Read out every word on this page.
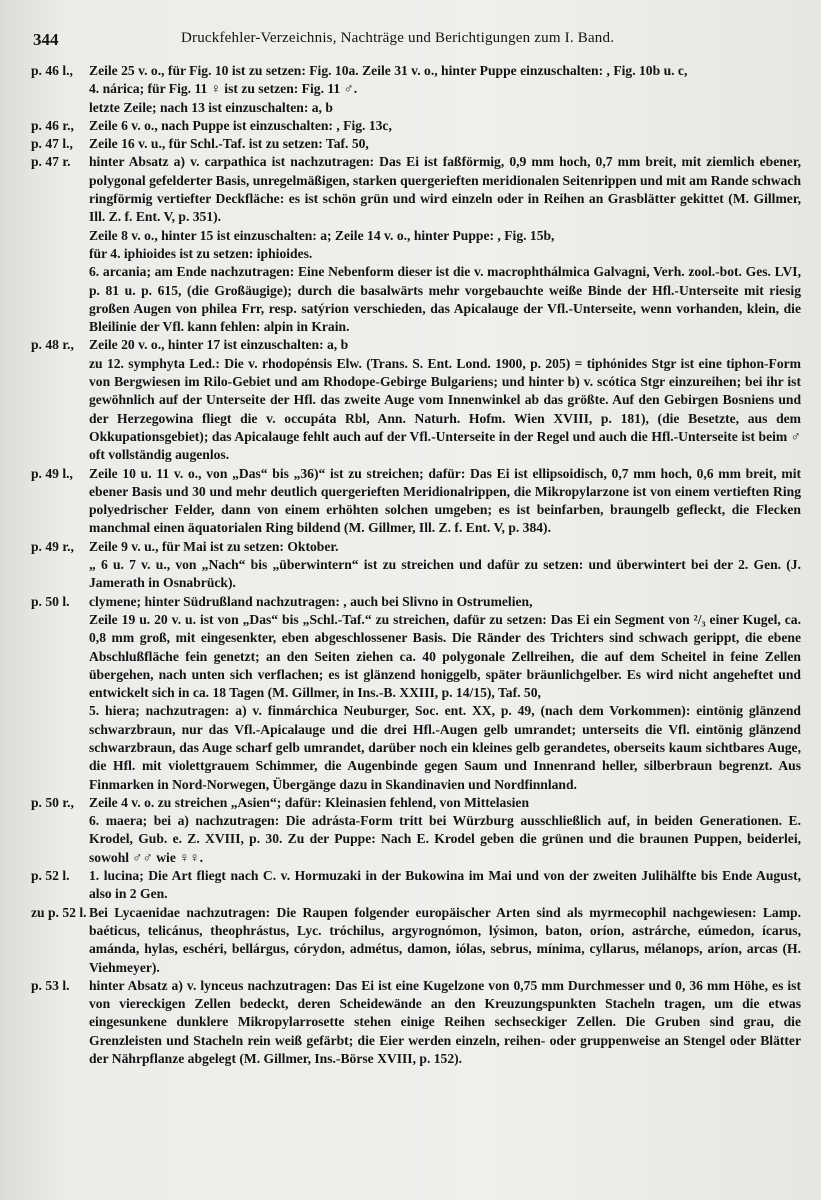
344	Druckfehler-Verzeichnis, Nachträge und Berichtigungen zum I. Band.
p. 46 l.,	Zeile 25 v. o., für Fig. 10 ist zu setzen: Fig. 10a. Zeile 31 v. o., hinter Puppe einzuschalten: , Fig. 10b u. c,
4. nárica; für Fig. 11 ♀ ist zu setzen: Fig. 11 ♂.
letzte Zeile; nach 13 ist einzuschalten: a, b
p. 46 r.,	Zeile 6 v. o., nach Puppe ist einzuschalten: , Fig. 13c,
p. 47 l.,	Zeile 16 v. u., für Schl.-Taf. ist zu setzen: Taf. 50,
p. 47 r.	hinter Absatz a) v. carpathica ist nachzutragen: Das Ei ist faßförmig, 0,9 mm hoch, 0,7 mm breit, mit ziemlich ebener, polygonal gefelderter Basis, unregelmäßigen, starken quergerieften meridionalen Seitenrippen und mit am Rande schwach ringförmig vertiefter Deckfläche: es ist schön grün und wird einzeln oder in Reihen an Grasblätter gekittet (M. Gillmer, Ill. Z. f. Ent. V, p. 351).
Zeile 8 v. o., hinter 15 ist einzuschalten: a; Zeile 14 v. o., hinter Puppe: , Fig. 15b,
für 4. iphioides ist zu setzen: iphioides.
6. arcania; am Ende nachzutragen: Eine Nebenform dieser ist die v. macrophthálmica Galvagni, Verh. zool.-bot. Ges. LVI, p. 81 u. p. 615, (die Großäugige); durch die basalwärts mehr vorgebauchte weiße Binde der Hfl.-Unterseite mit riesig großen Augen von philea Frr, resp. satýrion verschieden, das Apicalauge der Vfl.-Unterseite, wenn vorhanden, klein, die Bleilinie der Vfl. kann fehlen: alpin in Krain.
p. 48 r.,	Zeile 20 v. o., hinter 17 ist einzuschalten: a, b
zu 12. symphyta Led.: Die v. rhodopénsis Elw. (Trans. S. Ent. Lond. 1900, p. 205) = tiphónides Stgr ist eine tiphon-Form von Bergwiesen im Rilo-Gebiet und am Rhodope-Gebirge Bulgariens; und hinter b) v. scótica Stgr einzureihen; bei ihr ist gewöhnlich auf der Unterseite der Hfl. das zweite Auge vom Innenwinkel ab das größte. Auf den Gebirgen Bosniens und der Herzegowina fliegt die v. occupáta Rbl, Ann. Naturh. Hofm. Wien XVIII, p. 181), (die Besetzte, aus dem Okkupationsgebiet); das Apicalauge fehlt auch auf der Vfl.-Unterseite in der Regel und auch die Hfl.-Unterseite ist beim ♂ oft vollständig augenlos.
p. 49 l.,	Zeile 10 u. 11 v. o., von „Das“ bis „36)“ ist zu streichen; dafür: Das Ei ist ellipsoidisch, 0,7 mm hoch, 0,6 mm breit, mit ebener Basis und 30 und mehr deutlich quergerieften Meridionalrippen, die Mikropylarzone ist von einem vertieften Ring polyedrischer Felder, dann von einem erhöhten solchen umgeben; es ist beinfarben, braungelb gefleckt, die Flecken manchmal einen äquatorialen Ring bildend (M. Gillmer, Ill. Z. f. Ent. V, p. 384).
p. 49 r.,	Zeile 9 v. u., für Mai ist zu setzen: Oktober.
„ 6 u. 7 v. u., von „Nach“ bis „überwintern“ ist zu streichen und dafür zu setzen: und überwintert bei der 2. Gen. (J. Jamerath in Osnabrück).
p. 50 l.	clymene; hinter Südrußland nachzutragen: , auch bei Slivno in Ostrumelien,
Zeile 19 u. 20 v. u. ist von „Das“ bis „Schl.-Taf.“ zu streichen, dafür zu setzen: Das Ei ein Segment von ²/₃ einer Kugel, ca. 0,8 mm groß, mit eingesenkter, eben abgeschlossener Basis. Die Ränder des Trichters sind schwach gerippt, die ebene Abschlußfläche fein genetzt; an den Seiten ziehen ca. 40 polygonale Zellreihen, die auf dem Scheitel in feine Zellen übergehen, nach unten sich verflachen; es ist glänzend honiggelb, später bräunlichgelber. Es wird nicht angeheftet und entwickelt sich in ca. 18 Tagen (M. Gillmer, in Ins.-B. XXIII, p. 14/15), Taf. 50,
5. hiera; nachzutragen: a) v. finmárchica Neuburger, Soc. ent. XX, p. 49, (nach dem Vorkommen): eintönig glänzend schwarzbraun, nur das Vfl.-Apicalauge und die drei Hfl.-Augen gelb umrandet; unterseits die Vfl. eintönig glänzend schwarzbraun, das Auge scharf gelb umrandet, darüber noch ein kleines gelb gerandetes, oberseits kaum sichtbares Auge, die Hfl. mit violettgrauem Schimmer, die Augenbinde gegen Saum und Innenrand heller, silberbraun begrenzt. Aus Finmarken in Nord-Norwegen, Übergänge dazu in Skandinavien und Nordfinnland.
p. 50 r.,	Zeile 4 v. o. zu streichen „Asien“; dafür: Kleinasien fehlend, von Mittelasien
6. maera; bei a) nachzutragen: Die adrásta-Form tritt bei Würzburg ausschließlich auf, in beiden Generationen. E. Krodel, Gub. e. Z. XVIII, p. 30. Zu der Puppe: Nach E. Krodel geben die grünen und die braunen Puppen, beiderlei, sowohl ♂♂ wie ♀♀.
p. 52 l.	1. lucina; Die Art fliegt nach C. v. Hormuzaki in der Bukowina im Mai und von der zweiten Julihälfte bis Ende August, also in 2 Gen.
zu p. 52 l. Bei Lycaenidae nachzutragen: Die Raupen folgender europäischer Arten sind als myrmecophil nachgewiesen: Lamp. baéticus, telicánus, theophrástus, Lyc. tróchilus, argyrognómon, lýsimon, baton, oríon, astrárche, eúmedon, ícarus, amánda, hylas, eschéri, bellárgus, córydon, admétus, damon, iólas, sebrus, mínima, cyllarus, mélanops, aríon, arcas (H. Viehmeyer).
p. 53 l.	hinter Absatz a) v. lynceus nachzutragen: Das Ei ist eine Kugelzone von 0,75 mm Durchmesser und 0, 36 mm Höhe, es ist von viereckigen Zellen bedeckt, deren Scheidewände an den Kreuzungspunkten Stacheln tragen, um die etwas eingesunkene dunklere Mikropylarrosette stehen einige Reihen sechseckiger Zellen. Die Gruben sind grau, die Grenzleisten und Stacheln rein weiß gefärbt; die Eier werden einzeln, reihen- oder gruppenweise an Stengel oder Blätter der Nährpflanze abgelegt (M. Gillmer, Ins.-Börse XVIII, p. 152).
